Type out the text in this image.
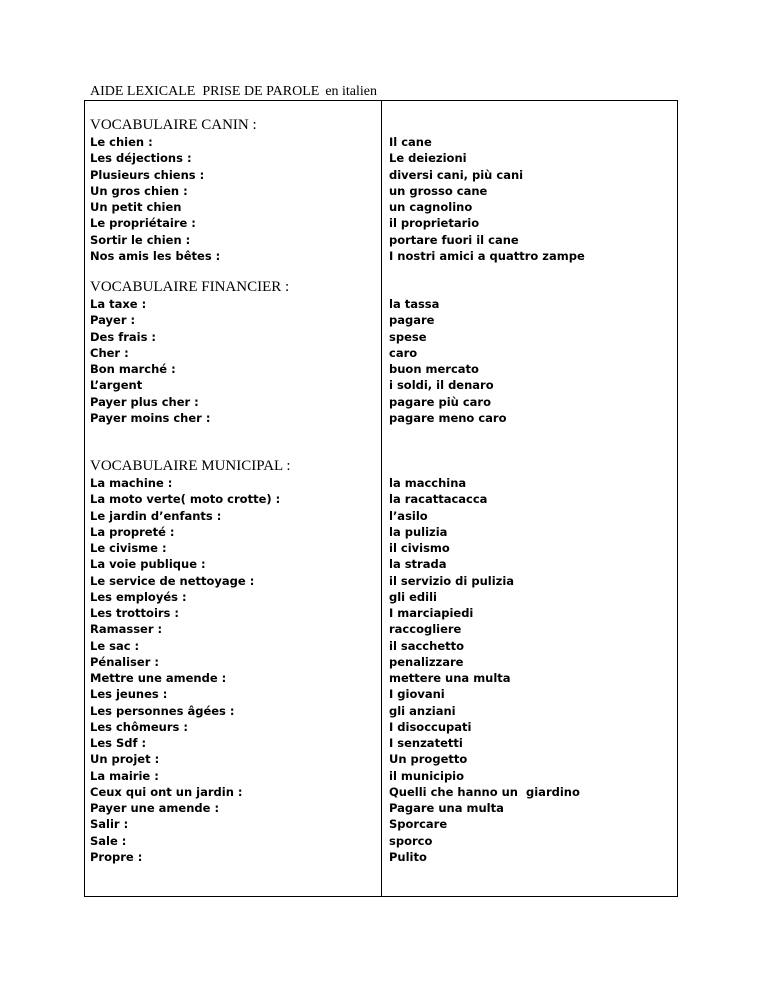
AIDE LEXICALE  PRISE DE PAROLE en italien
VOCABULAIRE CANIN :
Le chien :
Les déjections :
Plusieurs chiens :
Un gros chien :
Un petit chien
Le propriétaire :
Sortir le chien :
Nos amis les bêtes :
Il cane
Le deiezioni
diversi cani, più cani
un grosso cane
un cagnolino
il proprietario
portare fuori il cane
I nostri amici a quattro zampe
VOCABULAIRE FINANCIER :
La taxe :
Payer :
Des frais :
Cher :
Bon marché :
L’argent
Payer plus cher :
Payer moins cher :
la tassa
pagare
spese
caro
buon mercato
i soldi, il denaro
pagare più caro
pagare meno caro
VOCABULAIRE MUNICIPAL :
La machine :
La moto verte( moto crotte) :
Le jardin d’enfants :
La propreté :
Le civisme :
La voie publique :
Le service de nettoyage :
Les employés :
Les trottoirs :
Ramasser :
Le sac :
Pénaliser :
Mettre une amende :
Les jeunes :
Les personnes âgées :
Les chômeurs :
Les Sdf :
Un projet :
La mairie :
Ceux qui ont un jardin :
Payer une amende :
Salir :
Sale :
Propre :
la macchina
la racattacacca
l’asilo
la pulizia
il civismo
la strada
il servizio di pulizia
gli edili
I marciapiedi
raccogliere
il sacchetto
penalizzare
mettere una multa
I giovani
gli anziani
I disoccupati
I senzatetti
Un progetto
il municipio
Quelli che hanno un  giardino
Pagare una multa
Sporcare
sporco
Pulito
